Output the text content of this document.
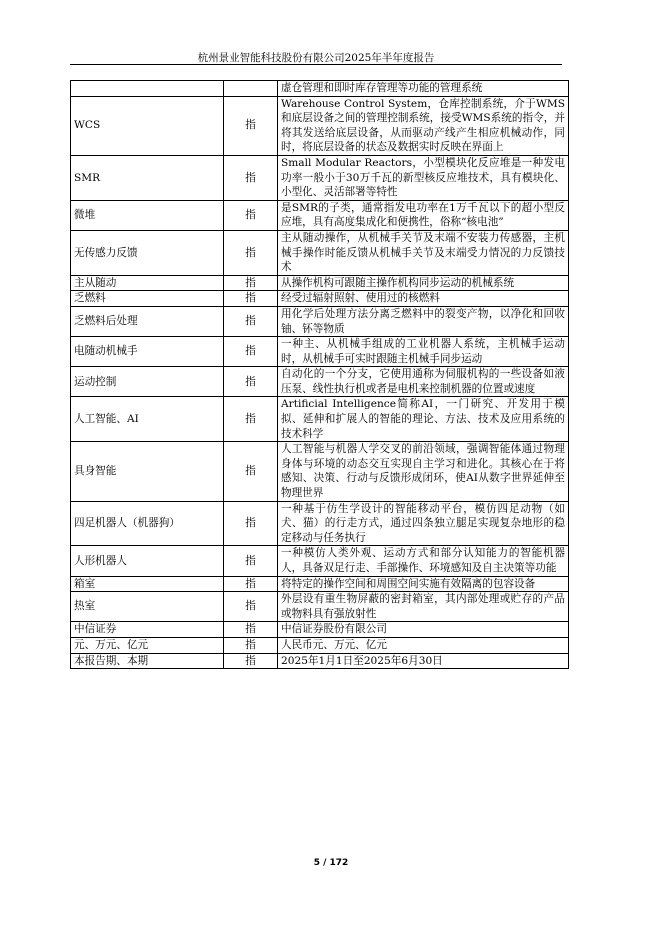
杭州景业智能科技股份有限公司2025年半年度报告
		虚仓管理和即时库存管理等功能的管理系统
WCS	指	Warehouse Control System，仓库控制系统，介于WMS和底层设备之间的管理控制系统，接受WMS系统的指令，并将其发送给底层设备，从而驱动产线产生相应机械动作，同时，将底层设备的状态及数据实时反映在界面上
SMR	指	Small Modular Reactors，小型模块化反应堆是一种发电功率一般小于30万千瓦的新型核反应堆技术，具有模块化、小型化、灵活部署等特性
微堆	指	是SMR的子类，通常指发电功率在1万千瓦以下的超小型反应堆，具有高度集成化和便携性，俗称“核电池”
无传感力反馈	指	主从随动操作，从机械手关节及末端不安装力传感器，主机械手操作时能反馈从机械手关节及末端受力情况的力反馈技术
主从随动	指	从操作机构可跟随主操作机构同步运动的机械系统
乏燃料	指	经受过辐射照射、使用过的核燃料
乏燃料后处理	指	用化学后处理方法分离乏燃料中的裂变产物，以净化和回收铀、钚等物质
电随动机械手	指	一种主、从机械手组成的工业机器人系统，主机械手运动时，从机械手可实时跟随主机械手同步运动
运动控制	指	自动化的一个分支，它使用通称为伺服机构的一些设备如液压泵、线性执行机或者是电机来控制机器的位置或速度
人工智能、AI	指	Artificial Intelligence简称AI，一门研究、开发用于模拟、延伸和扩展人的智能的理论、方法、技术及应用系统的技术科学
具身智能	指	人工智能与机器人学交叉的前沿领域，强调智能体通过物理身体与环境的动态交互实现自主学习和进化。其核心在于将感知、决策、行动与反馈形成闭环，使AI从数字世界延伸至物理世界
四足机器人（机器狗）	指	一种基于仿生学设计的智能移动平台，模仿四足动物（如犬、猫）的行走方式，通过四条独立腿足实现复杂地形的稳定移动与任务执行
人形机器人	指	一种模仿人类外观、运动方式和部分认知能力的智能机器人，具备双足行走、手部操作、环境感知及自主决策等功能
箱室	指	将特定的操作空间和周围空间实施有效隔离的包容设备
热室	指	外层设有重生物屏蔽的密封箱室，其内部处理或贮存的产品或物料具有强放射性
中信证券	指	中信证券股份有限公司
元、万元、亿元	指	人民币元、万元、亿元
本报告期、本期	指	2025年1月1日至2025年6月30日
5 / 172
